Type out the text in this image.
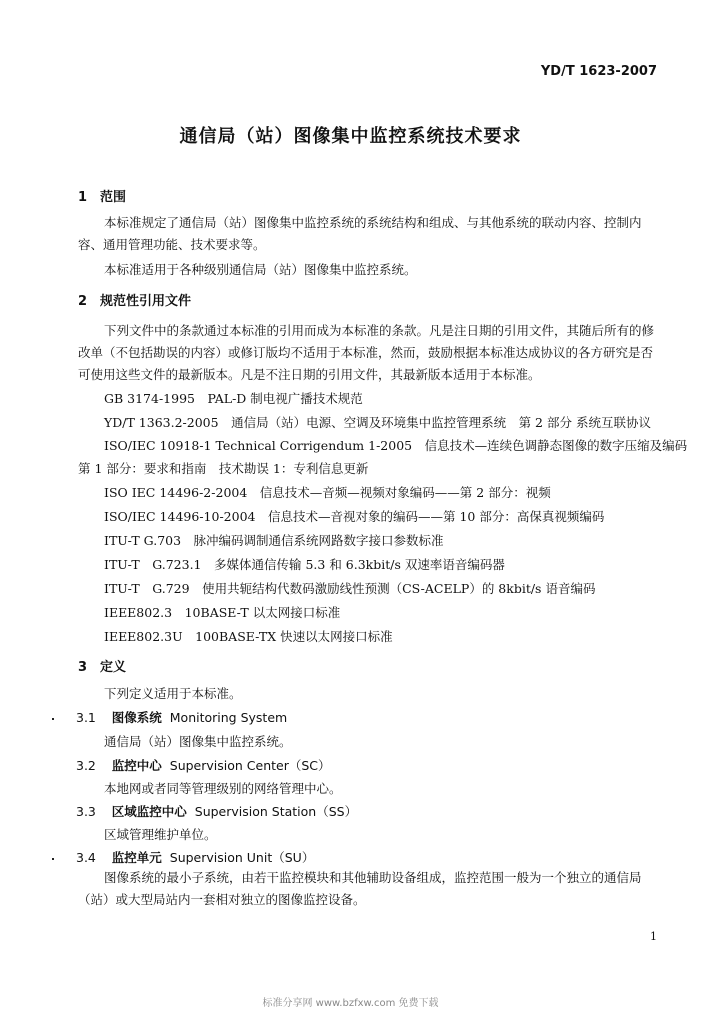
YD/T 1623-2007
通信局（站）图像集中监控系统技术要求
1　范围
本标准规定了通信局（站）图像集中监控系统的系统结构和组成、与其他系统的联动内容、控制内容、通用管理功能、技术要求等。
本标准适用于各种级别通信局（站）图像集中监控系统。
2　规范性引用文件
下列文件中的条款通过本标准的引用而成为本标准的条款。凡是注日期的引用文件，其随后所有的修改单（不包括勘误的内容）或修订版均不适用于本标准，然而，鼓励根据本标准达成协议的各方研究是否可使用这些文件的最新版本。凡是不注日期的引用文件，其最新版本适用于本标准。
GB 3174-1995　PAL-D 制电视广播技术规范
YD/T 1363.2-2005　通信局（站）电源、空调及环境集中监控管理系统　第 2 部分 系统互联协议
ISO/IEC 10918-1 Technical Corrigendum 1-2005　信息技术—连续色调静态图像的数字压缩及编码
第 1 部分：要求和指南　技术勘误 1：专利信息更新
ISO IEC 14496-2-2004　信息技术—音频—视频对象编码——第 2 部分：视频
ISO/IEC 14496-10-2004　信息技术—音视对象的编码——第 10 部分：高保真视频编码
ITU-T G.703　脉冲编码调制通信系统网路数字接口参数标准
ITU-T　G.723.1　多媒体通信传输 5.3 和 6.3kbit/s 双速率语音编码器
ITU-T　G.729　使用共轭结构代数码激励线性预测（CS-ACELP）的 8kbit/s 语音编码
IEEE802.3　10BASE-T 以太网接口标准
IEEE802.3U　100BASE-TX 快速以太网接口标准
3　定义
下列定义适用于本标准。
3.1 图像系统 Monitoring System
通信局（站）图像集中监控系统。
3.2 监控中心 Supervision Center（SC）
本地网或者同等管理级别的网络管理中心。
3.3 区域监控中心 Supervision Station（SS）
区域管理维护单位。
3.4 监控单元 Supervision Unit（SU）
图像系统的最小子系统，由若干监控模块和其他辅助设备组成，监控范围一般为一个独立的通信局（站）或大型局站内一套相对独立的图像监控设备。
1
标准分享网 www.bzfxw.com 免费下载
